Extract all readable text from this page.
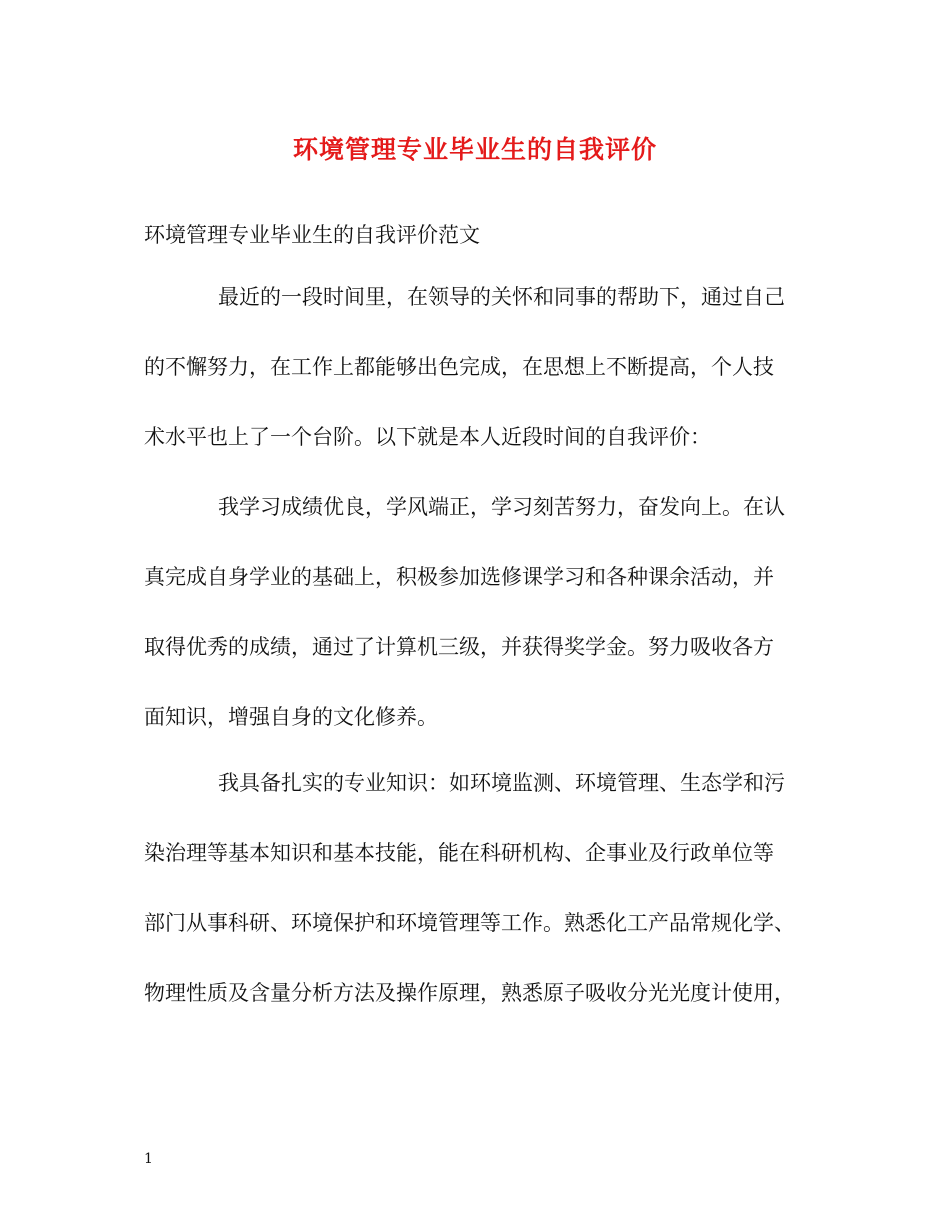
环境管理专业毕业生的自我评价
环境管理专业毕业生的自我评价范文
最近的一段时间里，在领导的关怀和同事的帮助下，通过自己
的不懈努力，在工作上都能够出色完成，在思想上不断提高，个人技
术水平也上了一个台阶。以下就是本人近段时间的自我评价：
我学习成绩优良，学风端正，学习刻苦努力，奋发向上。在认
真完成自身学业的基础上，积极参加选修课学习和各种课余活动，并
取得优秀的成绩，通过了计算机三级，并获得奖学金。努力吸收各方
面知识，增强自身的文化修养。
我具备扎实的专业知识：如环境监测、环境管理、生态学和污
染治理等基本知识和基本技能，能在科研机构、企事业及行政单位等
部门从事科研、环境保护和环境管理等工作。熟悉化工产品常规化学、
物理性质及含量分析方法及操作原理，熟悉原子吸收分光光度计使用，
1
